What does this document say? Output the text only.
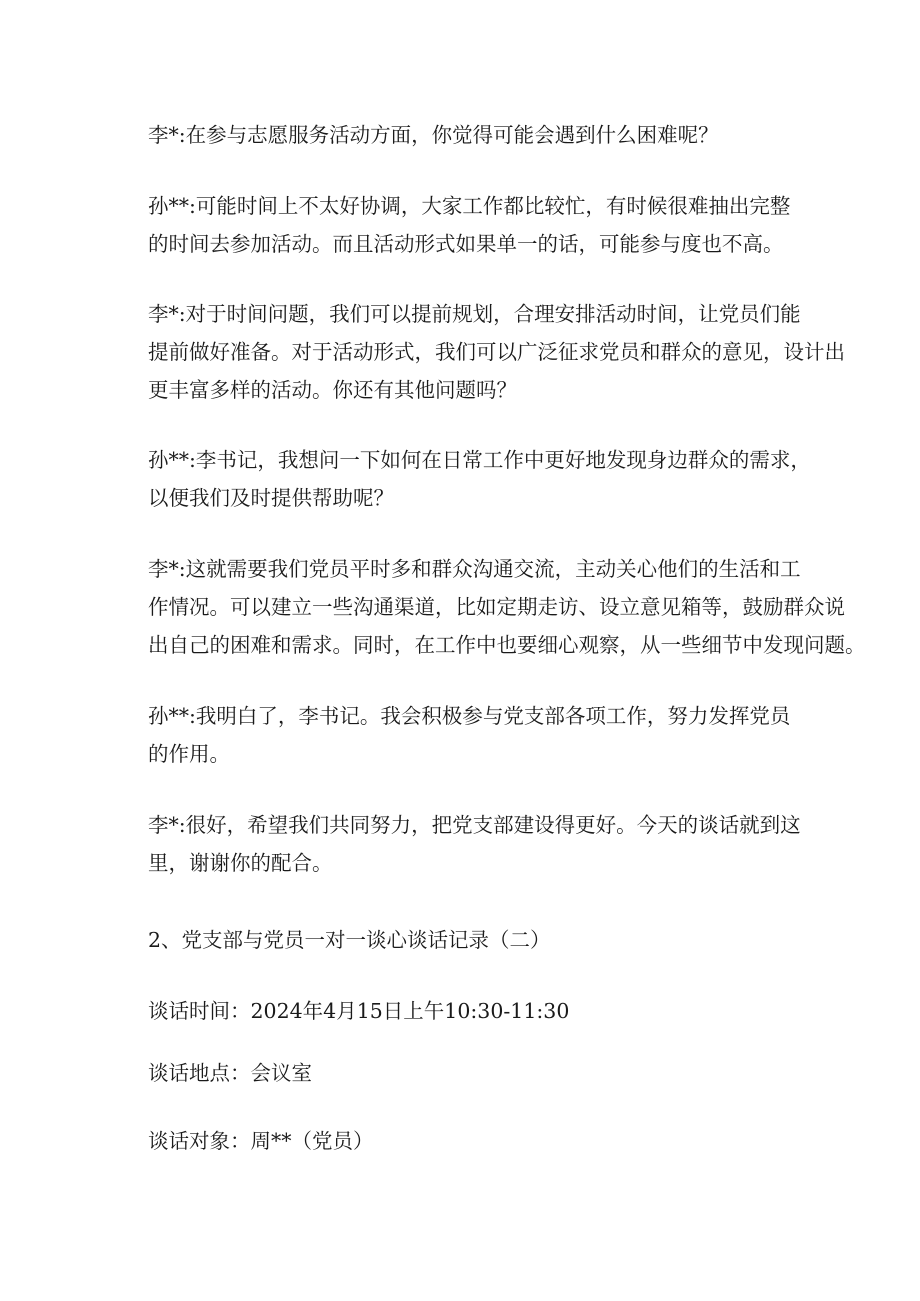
李*:在参与志愿服务活动方面，你觉得可能会遇到什么困难呢？

孙**:可能时间上不太好协调，大家工作都比较忙，有时候很难抽出完整
的时间去参加活动。而且活动形式如果单一的话，可能参与度也不高。

李*:对于时间问题，我们可以提前规划，合理安排活动时间，让党员们能
提前做好准备。对于活动形式，我们可以广泛征求党员和群众的意见，设计出
更丰富多样的活动。你还有其他问题吗？

孙**:李书记，我想问一下如何在日常工作中更好地发现身边群众的需求，
以便我们及时提供帮助呢？

李*:这就需要我们党员平时多和群众沟通交流，主动关心他们的生活和工
作情况。可以建立一些沟通渠道，比如定期走访、设立意见箱等，鼓励群众说
出自己的困难和需求。同时，在工作中也要细心观察，从一些细节中发现问题。

孙**:我明白了，李书记。我会积极参与党支部各项工作，努力发挥党员
的作用。

李*:很好，希望我们共同努力，把党支部建设得更好。今天的谈话就到这
里，谢谢你的配合。

2、党支部与党员一对一谈心谈话记录（二）

谈话时间：2024年4月15日上午10:30-11:30

谈话地点：会议室

谈话对象：周**（党员）
